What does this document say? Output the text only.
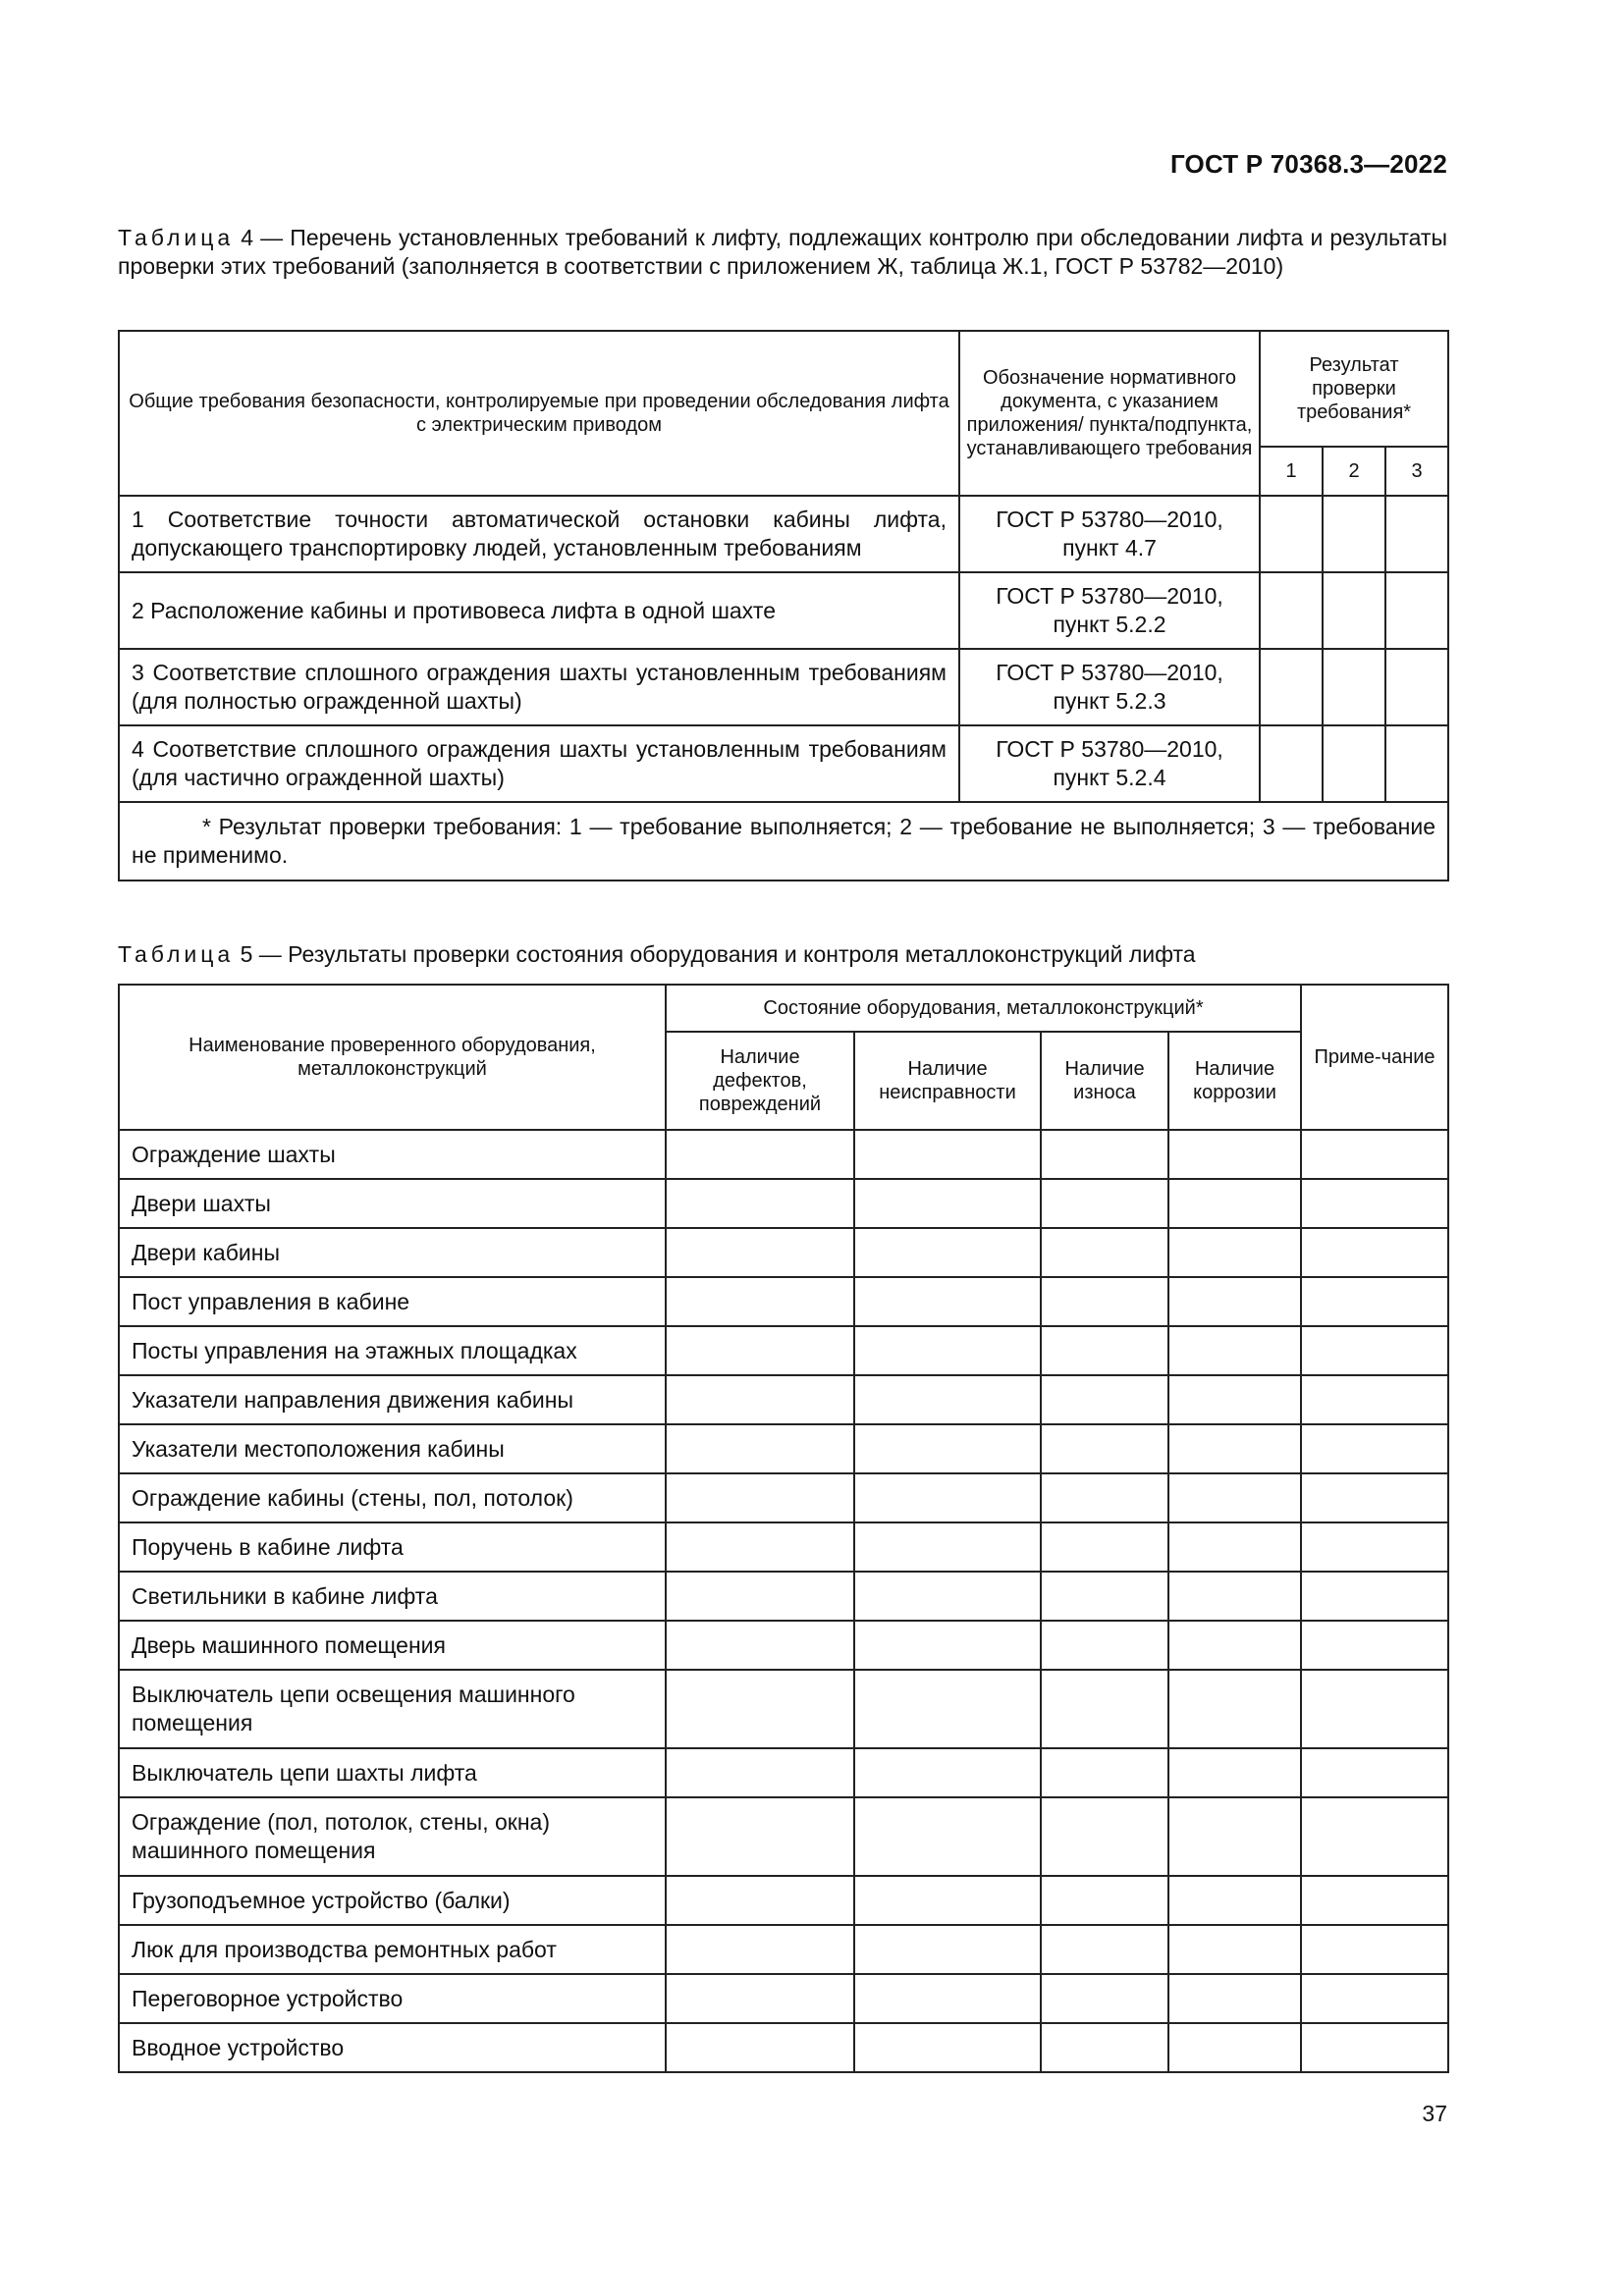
ГОСТ Р 70368.3—2022
Таблица 4 — Перечень установленных требований к лифту, подлежащих контролю при обследовании лифта и результаты проверки этих требований (заполняется в соответствии с приложением Ж, таблица Ж.1, ГОСТ Р 53782—2010)
Общие требования безопасности, контролируемые при проведении обследования лифта с электрическим приводом	Обозначение нормативного документа, с указанием приложения/ пункта/подпункта, устанавливающего требования	Результат проверки требования*		
		1	2	3
1 Соответствие точности автоматической остановки кабины лифта, допускающего транспортировку людей, установленным требованиям	ГОСТ Р 53780—2010, пункт 4.7			
2 Расположение кабины и противовеса лифта в одной шахте	ГОСТ Р 53780—2010, пункт 5.2.2			
3 Соответствие сплошного ограждения шахты установленным требованиям (для полностью огражденной шахты)	ГОСТ Р 53780—2010, пункт 5.2.3			
4 Соответствие сплошного ограждения шахты установленным требованиям (для частично огражденной шахты)	ГОСТ Р 53780—2010, пункт 5.2.4			
* Результат проверки требования: 1 — требование выполняется; 2 — требование не выполняется; 3 — требование не применимо.				
Таблица 5 — Результаты проверки состояния оборудования и контроля металлоконструкций лифта
Наименование проверенного оборудования, металлоконструкций	Состояние оборудования, металлоконструкций*				Приме-чание
	Наличие дефектов, повреждений	Наличие неисправности	Наличие износа	Наличие коррозии	
Ограждение шахты					
Двери шахты					
Двери кабины					
Пост управления в кабине					
Посты управления на этажных площадках					
Указатели направления движения кабины					
Указатели местоположения кабины					
Ограждение кабины (стены, пол, потолок)					
Поручень в кабине лифта					
Светильники в кабине лифта					
Дверь машинного помещения					
Выключатель цепи освещения машинного помещения					
Выключатель цепи шахты лифта					
Ограждение (пол, потолок, стены, окна) машинного помещения					
Грузоподъемное устройство (балки)					
Люк для производства ремонтных работ					
Переговорное устройство					
Вводное устройство					
37
